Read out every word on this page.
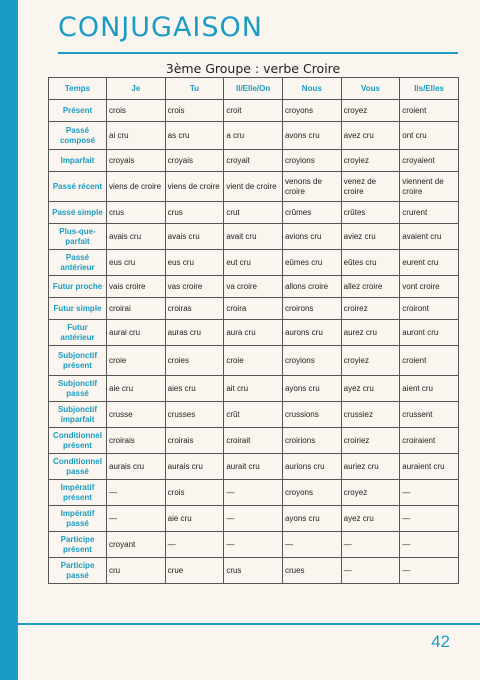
CONJUGAISON
3ème Groupe : verbe Croire
Temps	Je	Tu	Il/Elle/On	Nous	Vous	Ils/Elles
Présent	crois	crois	croit	croyons	croyez	croient
Passé composé	ai cru	as cru	a cru	avons cru	avez cru	ont cru
Imparfait	croyais	croyais	croyait	croyions	croyiez	croyaient
Passé récent	viens de croire	viens de croire	vient de croire	venons de croire	venez de croire	viennent de croire
Passé simple	crus	crus	crut	crûmes	crûtes	crurent
Plus-que-parfait	avais cru	avais cru	avait cru	avions cru	aviez cru	avaient cru
Passé antérieur	eus cru	eus cru	eut cru	eûmes cru	eûtes cru	eurent cru
Futur proche	vais croire	vas croire	va croire	allons croire	allez croire	vont croire
Futur simple	croirai	croiras	croira	croirons	croirez	croiront
Futur antérieur	aurai cru	auras cru	aura cru	aurons cru	aurez cru	auront cru
Subjonctif présent	croie	croies	croie	croyions	croyiez	croient
Subjonctif passé	aie cru	aies cru	ait cru	ayons cru	ayez cru	aient cru
Subjonctif imparfait	crusse	crusses	crût	crussions	crussiez	crussent
Conditionnel présent	croirais	croirais	croirait	croirions	croiriez	croiraient
Conditionnel passé	aurais cru	aurais cru	aurait cru	aurions cru	auriez cru	auraient cru
Impératif présent	—	crois	—	croyons	croyez	—
Impératif passé	—	aie cru	—	ayons cru	ayez cru	—
Participe présent	croyant	—	—	—	—	—
Participe passé	cru	crue	crus	crues	—	—
42
